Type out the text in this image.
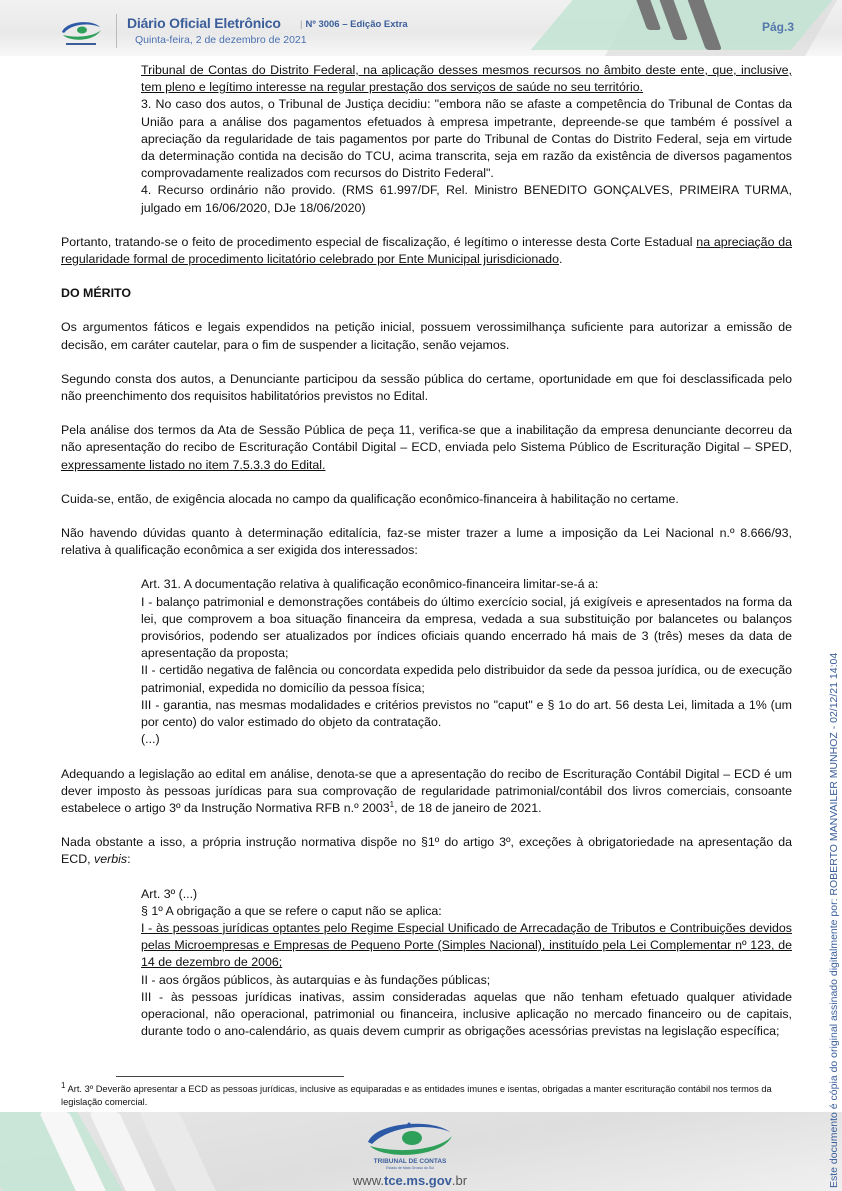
Diário Oficial Eletrônico | Nº 3006 – Edição Extra
Quinta-feira, 2 de dezembro de 2021
Pág.3

Tribunal de Contas do Distrito Federal, na aplicação desses mesmos recursos no âmbito deste ente, que, inclusive, tem pleno e legítimo interesse na regular prestação dos serviços de saúde no seu território.

3. No caso dos autos, o Tribunal de Justiça decidiu: "embora não se afaste a competência do Tribunal de Contas da União para a análise dos pagamentos efetuados à empresa impetrante, depreende-se que também é possível a apreciação da regularidade de tais pagamentos por parte do Tribunal de Contas do Distrito Federal, seja em virtude da determinação contida na decisão do TCU, acima transcrita, seja em razão da existência de diversos pagamentos comprovadamente realizados com recursos do Distrito Federal".

4. Recurso ordinário não provido. (RMS 61.997/DF, Rel. Ministro BENEDITO GONÇALVES, PRIMEIRA TURMA, julgado em 16/06/2020, DJe 18/06/2020)

Portanto, tratando-se o feito de procedimento especial de fiscalização, é legítimo o interesse desta Corte Estadual na apreciação da regularidade formal de procedimento licitatório celebrado por Ente Municipal jurisdicionado.

DO MÉRITO

Os argumentos fáticos e legais expendidos na petição inicial, possuem verossimilhança suficiente para autorizar a emissão de decisão, em caráter cautelar, para o fim de suspender a licitação, senão vejamos.

Segundo consta dos autos, a Denunciante participou da sessão pública do certame, oportunidade em que foi desclassificada pelo não preenchimento dos requisitos habilitatórios previstos no Edital.

Pela análise dos termos da Ata de Sessão Pública de peça 11, verifica-se que a inabilitação da empresa denunciante decorreu da não apresentação do recibo de Escrituração Contábil Digital – ECD, enviada pelo Sistema Público de Escrituração Digital – SPED, expressamente listado no item 7.5.3.3 do Edital.

Cuida-se, então, de exigência alocada no campo da qualificação econômico-financeira à habilitação no certame.

Não havendo dúvidas quanto à determinação editalícia, faz-se mister trazer a lume a imposição da Lei Nacional n.º 8.666/93, relativa à qualificação econômica a ser exigida dos interessados:

Art. 31. A documentação relativa à qualificação econômico-financeira limitar-se-á a:

I - balanço patrimonial e demonstrações contábeis do último exercício social, já exigíveis e apresentados na forma da lei, que comprovem a boa situação financeira da empresa, vedada a sua substituição por balancetes ou balanços provisórios, podendo ser atualizados por índices oficiais quando encerrado há mais de 3 (três) meses da data de apresentação da proposta;

II - certidão negativa de falência ou concordata expedida pelo distribuidor da sede da pessoa jurídica, ou de execução patrimonial, expedida no domicílio da pessoa física;

III - garantia, nas mesmas modalidades e critérios previstos no "caput" e § 1o do art. 56 desta Lei, limitada a 1% (um por cento) do valor estimado do objeto da contratação.

(...)

Adequando a legislação ao edital em análise, denota-se que a apresentação do recibo de Escrituração Contábil Digital – ECD é um dever imposto às pessoas jurídicas para sua comprovação de regularidade patrimonial/contábil dos livros comerciais, consoante estabelece o artigo 3º da Instrução Normativa RFB n.º 2003$^1$, de 18 de janeiro de 2021.

Nada obstante a isso, a própria instrução normativa dispõe no §1º do artigo 3º, exceções à obrigatoriedade na apresentação da ECD, verbis:

Art. 3º (...)

§ 1º A obrigação a que se refere o caput não se aplica:

I - às pessoas jurídicas optantes pelo Regime Especial Unificado de Arrecadação de Tributos e Contribuições devidos pelas Microempresas e Empresas de Pequeno Porte (Simples Nacional), instituído pela Lei Complementar nº 123, de 14 de dezembro de 2006;

II - aos órgãos públicos, às autarquias e às fundações públicas;

III - às pessoas jurídicas inativas, assim consideradas aquelas que não tenham efetuado qualquer atividade operacional, não operacional, patrimonial ou financeira, inclusive aplicação no mercado financeiro ou de capitais, durante todo o ano-calendário, as quais devem cumprir as obrigações acessórias previstas na legislação específica;

$^1$ Art. 3º Deverão apresentar a ECD as pessoas jurídicas, inclusive as equiparadas e as entidades imunes e isentas, obrigadas a manter escrituração contábil nos termos da legislação comercial.
TRIBUNAL DE CONTAS
Estado de Mato Grosso do Sul
www.tce.ms.gov.br	Este documento é cópia do original assinado digitalmente por: ROBERTO MANVAILER MUNHOZ - 02/12/21 14:04
